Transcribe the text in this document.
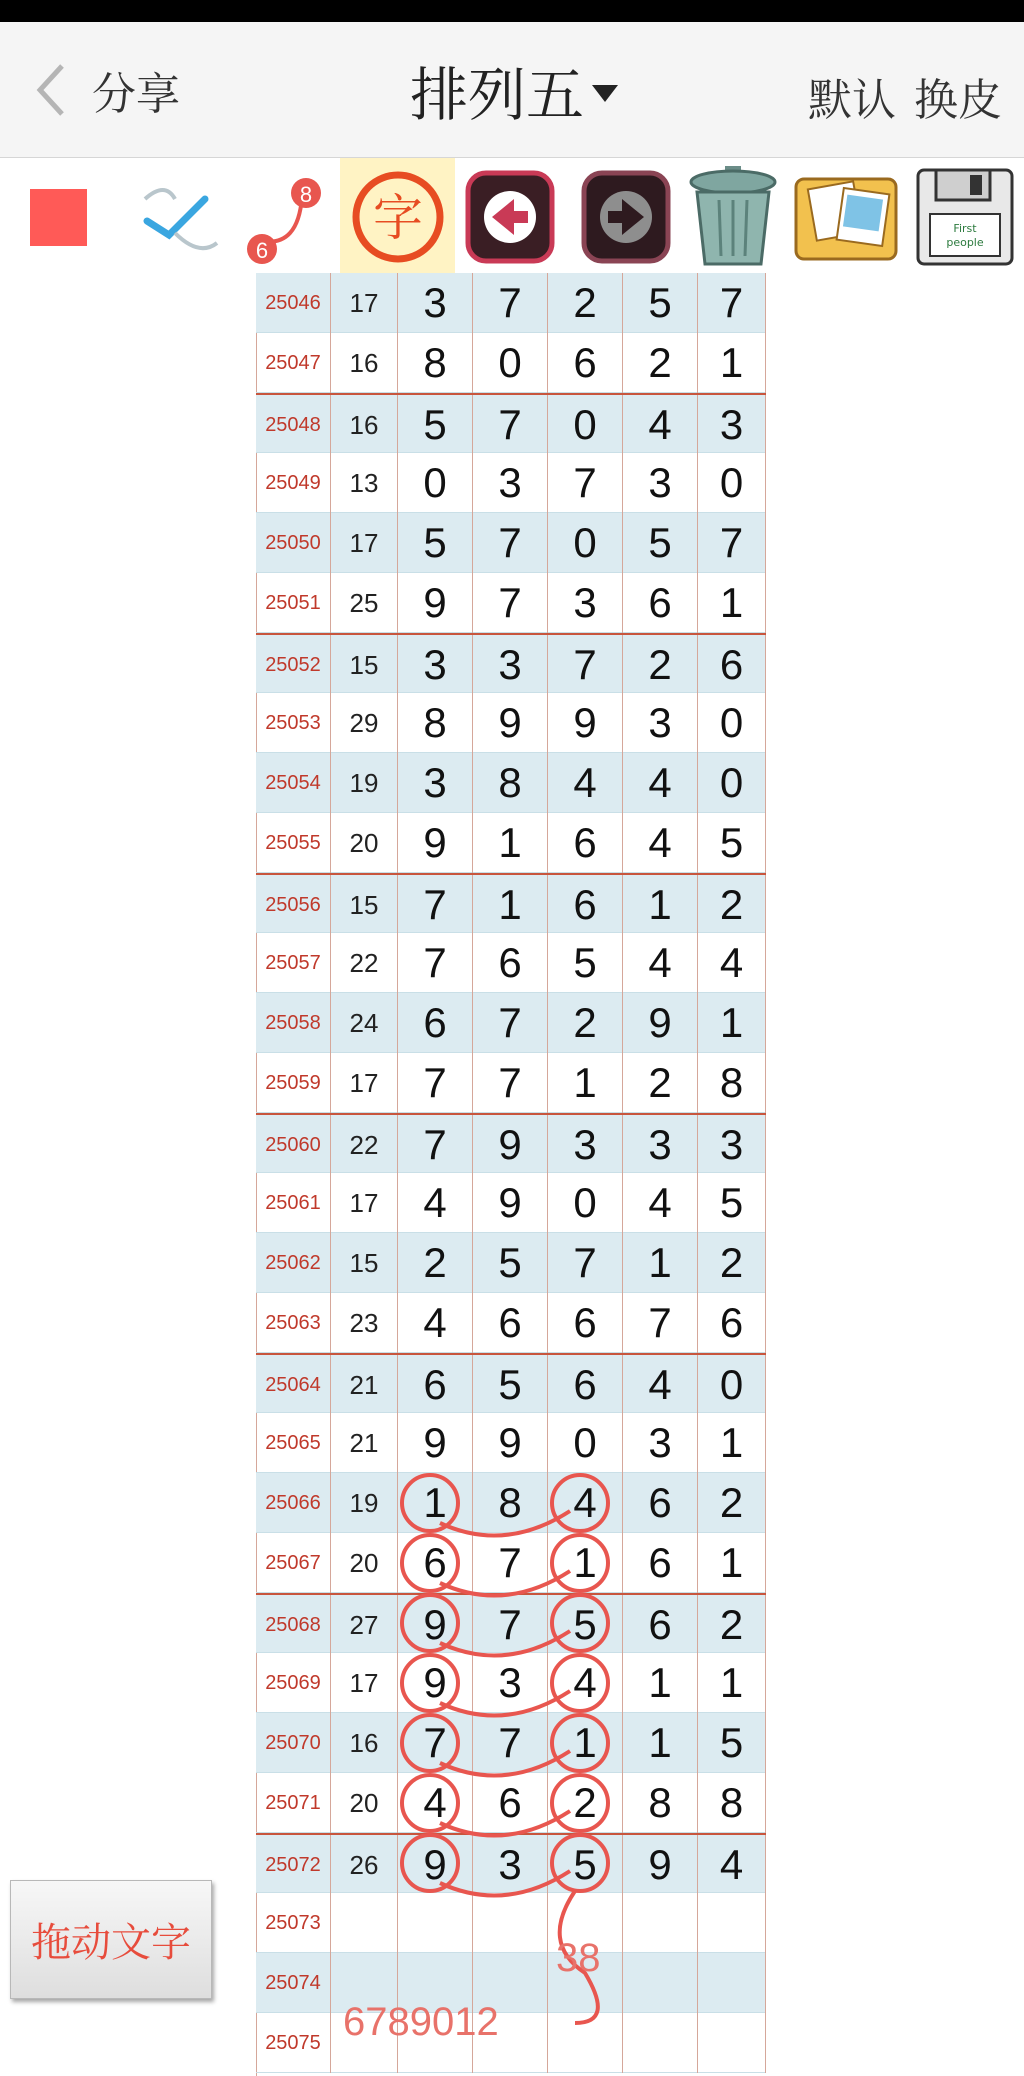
分享	排列五	默认 换皮
6
8 字	First
people
25046	17	3	7	2	5	7
25047	16	8	0	6	2	1
25048	16	5	7	0	4	3
25049	13	0	3	7	3	0
25050	17	5	7	0	5	7
25051	25	9	7	3	6	1
25052	15	3	3	7	2	6
25053	29	8	9	9	3	0
25054	19	3	8	4	4	0
25055	20	9	1	6	4	5
25056	15	7	1	6	1	2
25057	22	7	6	5	4	4
25058	24	6	7	2	9	1
25059	17	7	7	1	2	8
25060	22	7	9	3	3	3
25061	17	4	9	0	4	5
25062	15	2	5	7	1	2
25063	23	4	6	6	7	6
25064	21	6	5	6	4	0
25065	21	9	9	0	3	1
25066	19	1	8	4	6	2
25067	20	6	7	1	6	1
25068	27	9	7	5	6	2
25069	17	9	3	4	1	1
25070	16	7	7	1	1	5
25071	20	4	6	2	8	8
25072	26	9	3	5	9	4
25073
25074
25075
38
6789012
拖动文字
